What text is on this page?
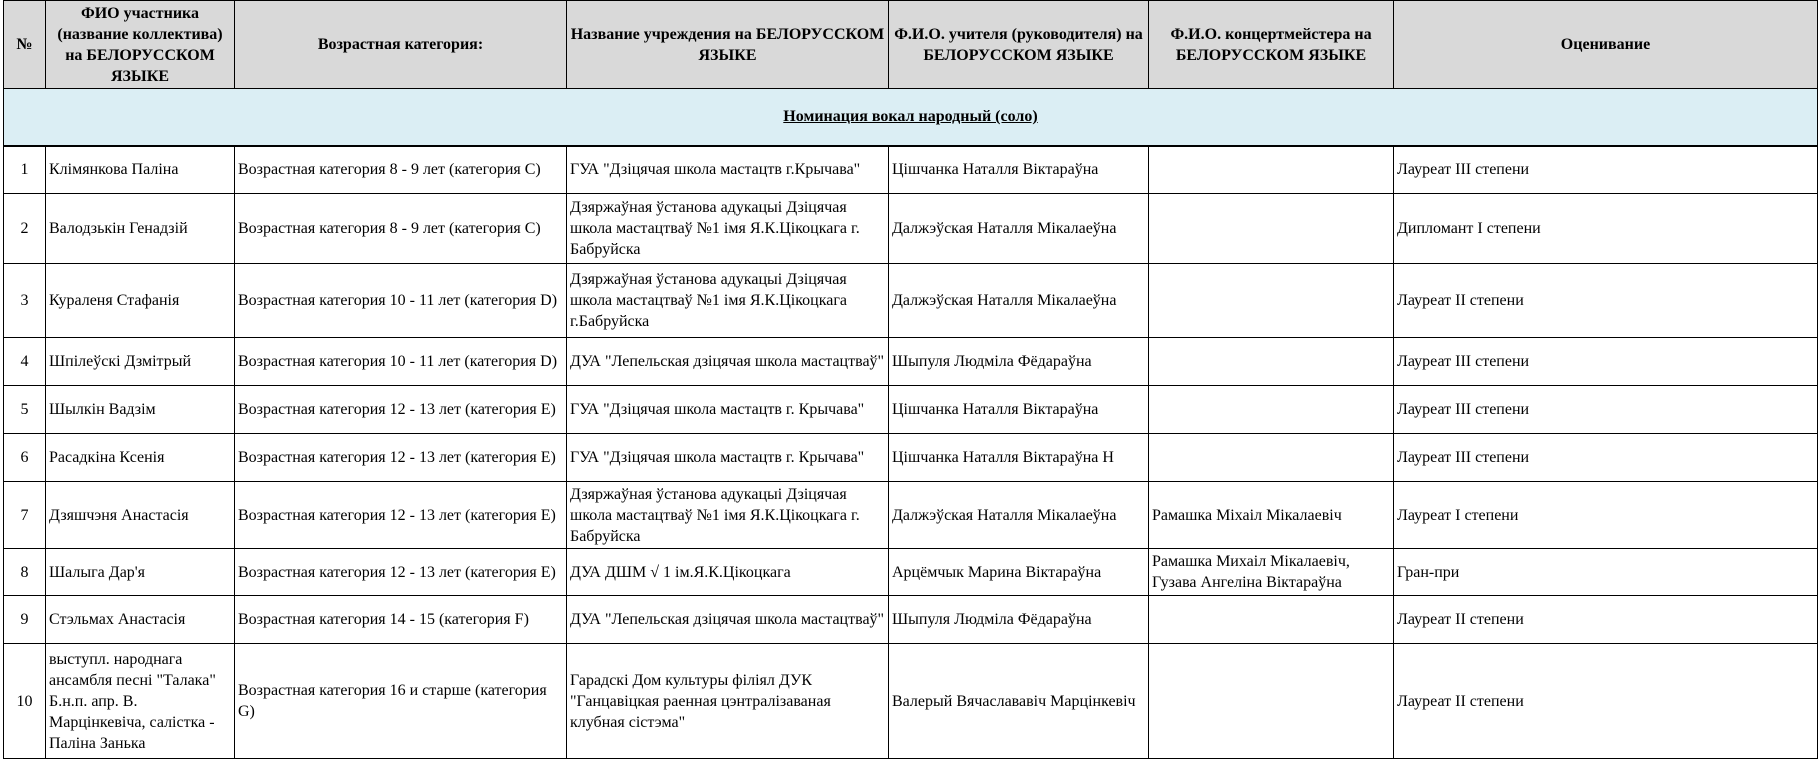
№	ФИО участника (название коллектива) на БЕЛОРУССКОМ ЯЗЫКЕ	Возрастная категория:	Название учреждения на БЕЛОРУССКОМ ЯЗЫКЕ	Ф.И.О. учителя (руководителя) на БЕЛОРУССКОМ ЯЗЫКЕ	Ф.И.О. концертмейстера на БЕЛОРУССКОМ ЯЗЫКЕ	Оценивание
Номинация вокал народный (соло)						
1	Клімянкова Паліна	Возрастная категория 8 - 9 лет (категория С)	ГУА "Дзіцячая школа мастацтв г.Крычава"	Цішчанка Наталля Віктараўна		Лауреат III степени
2	Валодзькін Генадзій	Возрастная категория 8 - 9 лет (категория С)	Дзяржаўная ўстанова адукацыі Дзіцячая школа мастацтваў №1 імя Я.К.Цікоцкага г. Бабруйска	Далжэўская Наталля Мікалаеўна		Дипломант I степени
3	Кураленя Стафанія	Возрастная категория 10 - 11 лет (категория D)	Дзяржаўная ўстанова адукацыі Дзіцячая школа мастацтваў №1 імя Я.К.Цікоцкага г.Бабруйска	Далжэўская Наталля Мікалаеўна		Лауреат II степени
4	Шпілеўскі Дзмітрый	Возрастная категория 10 - 11 лет (категория D)	ДУА "Лепельская дзіцячая школа мастацтваў"	Шыпуля Людміла Фёдараўна		Лауреат III степени
5	Шылкін Вадзім	Возрастная категория 12 - 13 лет (категория E)	ГУА "Дзіцячая школа мастацтв г. Крычава"	Цішчанка Наталля Віктараўна		Лауреат III степени
6	Расадкіна Ксенія	Возрастная категория 12 - 13 лет (категория E)	ГУА "Дзіцячая школа мастацтв г. Крычава"	Цішчанка Наталля Віктараўна Н		Лауреат III степени
7	Дзяшчэня Анастасія	Возрастная категория 12 - 13 лет (категория E)	Дзяржаўная ўстанова адукацыі Дзіцячая школа мастацтваў №1 імя Я.К.Цікоцкага г. Бабруйска	Далжэўская Наталля Мікалаеўна	Рамашка Міхаіл Мікалаевіч	Лауреат I степени
8	Шалыга Дар'я	Возрастная категория 12 - 13 лет (категория E)	ДУА ДШМ √ 1 ім.Я.К.Цікоцкага	Арцёмчык Марина Віктараўна	Рамашка Михаіл Мікалаевіч, Гузава Ангеліна Віктараўна	Гран-при
9	Стэльмах Анастасія	Возрастная категория 14 - 15 (категория F)	ДУА "Лепельская дзіцячая школа мастацтваў"	Шыпуля Людміла Фёдараўна		Лауреат II степени
10	выступл. народнага ансамбля песні "Талака" Б.н.п. апр. В. Марцінкевіча, салістка - Паліна Занька	Возрастная категория 16 и старше (категория G)	Гарадскі Дом культуры філіял ДУК "Ганцавіцкая раенная цэнтралізаваная клубная сістэма"	Валерый Вячаслававіч Марцінкевіч		Лауреат II степени
